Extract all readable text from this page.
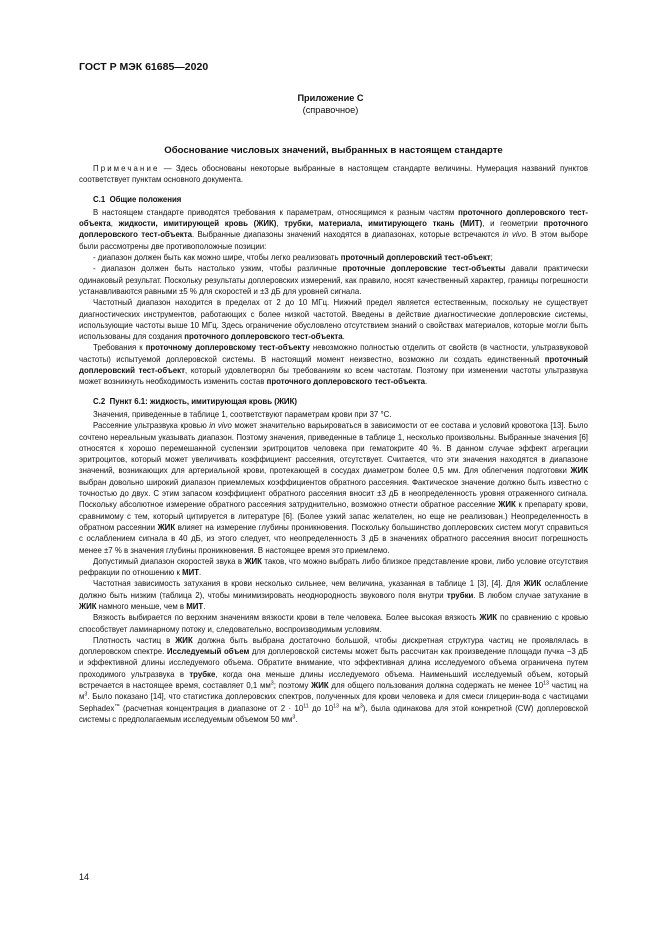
ГОСТ Р МЭК 61685—2020
Приложение С
(справочное)
Обоснование числовых значений, выбранных в настоящем стандарте

Примечание — Здесь обоснованы некоторые выбранные в настоящем стандарте величины. Нумерация названий пунктов соответствует пунктам основного документа.

С.1 Общие положения

В настоящем стандарте приводятся требования к параметрам, относящимся к разным частям проточного доплеровского тест-объекта, жидкости, имитирующей кровь (ЖИК), трубки, материала, имитирующего ткань (МИТ), и геометрии проточного доплеровского тест-объекта. Выбранные диапазоны значений находятся в диапазонах, которые встречаются in vivo. В этом выборе были рассмотрены две противоположные позиции:

- диапазон должен быть как можно шире, чтобы легко реализовать проточный доплеровский тест-объект;

- диапазон должен быть настолько узким, чтобы различные проточные доплеровские тест-объекты давали практически одинаковый результат. Поскольку результаты доплеровских измерений, как правило, носят качественный характер, границы погрешности устанавливаются равными ±5 % для скоростей и ±3 дБ для уровней сигнала.

Частотный диапазон находится в пределах от 2 до 10 МГц. Нижний предел является естественным, поскольку не существует диагностических инструментов, работающих с более низкой частотой. Введены в действие диагностические доплеровские системы, использующие частоты выше 10 МГц. Здесь ограничение обусловлено отсутствием знаний о свойствах материалов, которые могли быть использованы для создания проточного доплеровского тест-объекта.

Требования к проточному доплеровскому тест-объекту невозможно полностью отделить от свойств (в частности, ультразвуковой частоты) испытуемой доплеровской системы. В настоящий момент неизвестно, возможно ли создать единственный проточный доплеровский тест-объект, который удовлетворял бы требованиям ко всем частотам. Поэтому при изменении частоты ультразвука может возникнуть необходимость изменить состав проточного доплеровского тест-объекта.

С.2 Пункт 6.1: жидкость, имитирующая кровь (ЖИК)

Значения, приведенные в таблице 1, соответствуют параметрам крови при 37 °C.

Рассеяние ультразвука кровью in vivo может значительно варьироваться в зависимости от ее состава и условий кровотока [13]. Было сочтено нереальным указывать диапазон. Поэтому значения, приведенные в таблице 1, несколько произвольны. Выбранные значения [6] относятся к хорошо перемешанной суспензии эритроцитов человека при гематокрите 40 %. В данном случае эффект агрегации эритроцитов, который может увеличивать коэффициент рассеяния, отсутствует. Считается, что эти значения находятся в диапазоне значений, возникающих для артериальной крови, протекающей в сосудах диаметром более 0,5 мм. Для облегчения подготовки ЖИК выбран довольно широкий диапазон приемлемых коэффициентов обратного рассеяния. Фактическое значение должно быть известно с точностью до двух. С этим запасом коэффициент обратного рассеяния вносит ±3 дБ в неопределенность уровня отраженного сигнала. Поскольку абсолютное измерение обратного рассеяния затруднительно, возможно отнести обратное рассеяние ЖИК к препарату крови, сравнимому с тем, который цитируется в литературе [6]. (Более узкий запас желателен, но еще не реализован.) Неопределенность в обратном рассеянии ЖИК влияет на измерение глубины проникновения. Поскольку большинство доплеровских систем могут справиться с ослаблением сигнала в 40 дБ, из этого следует, что неопределенность 3 дБ в значениях обратного рассеяния вносит погрешность менее ±7 % в значения глубины проникновения. В настоящее время это приемлемо.

Допустимый диапазон скоростей звука в ЖИК таков, что можно выбрать либо близкое представление крови, либо условие отсутствия рефракции по отношению к МИТ.

Частотная зависимость затухания в крови несколько сильнее, чем величина, указанная в таблице 1 [3], [4]. Для ЖИК ослабление должно быть низким (таблица 2), чтобы минимизировать неоднородность звукового поля внутри трубки. В любом случае затухание в ЖИК намного меньше, чем в МИТ.

Вязкость выбирается по верхним значениям вязкости крови в теле человека. Более высокая вязкость ЖИК по сравнению с кровью способствует ламинарному потоку и, следовательно, воспроизводимым условиям.

Плотность частиц в ЖИК должна быть выбрана достаточно большой, чтобы дискретная структура частиц не проявлялась в доплеровском спектре. Исследуемый объем для доплеровской системы может быть рассчитан как произведение площади пучка −3 дБ и эффективной длины исследуемого объема. Обратите внимание, что эффективная длина исследуемого объема ограничена путем проходимого ультразвука в трубке, когда она меньше длины исследуемого объема. Наименьший исследуемый объем, который встречается в настоящее время, составляет 0,1 $мм^3$; поэтому ЖИК для общего пользования должна содержать не менее $10^{13}$ частиц на $м^3$. Было показано [14], что статистика доплеровских спектров, полученных для крови человека и для смеси глицерин-вода с частицами Sephadex™ (расчетная концентрация в диапазоне от $2 \cdot 10^{11}$ до $10^{13}$ на $м^3$), была одинакова для этой конкретной (CW) доплеровской системы с предполагаемым исследуемым объемом 50 $мм^3$.

14
